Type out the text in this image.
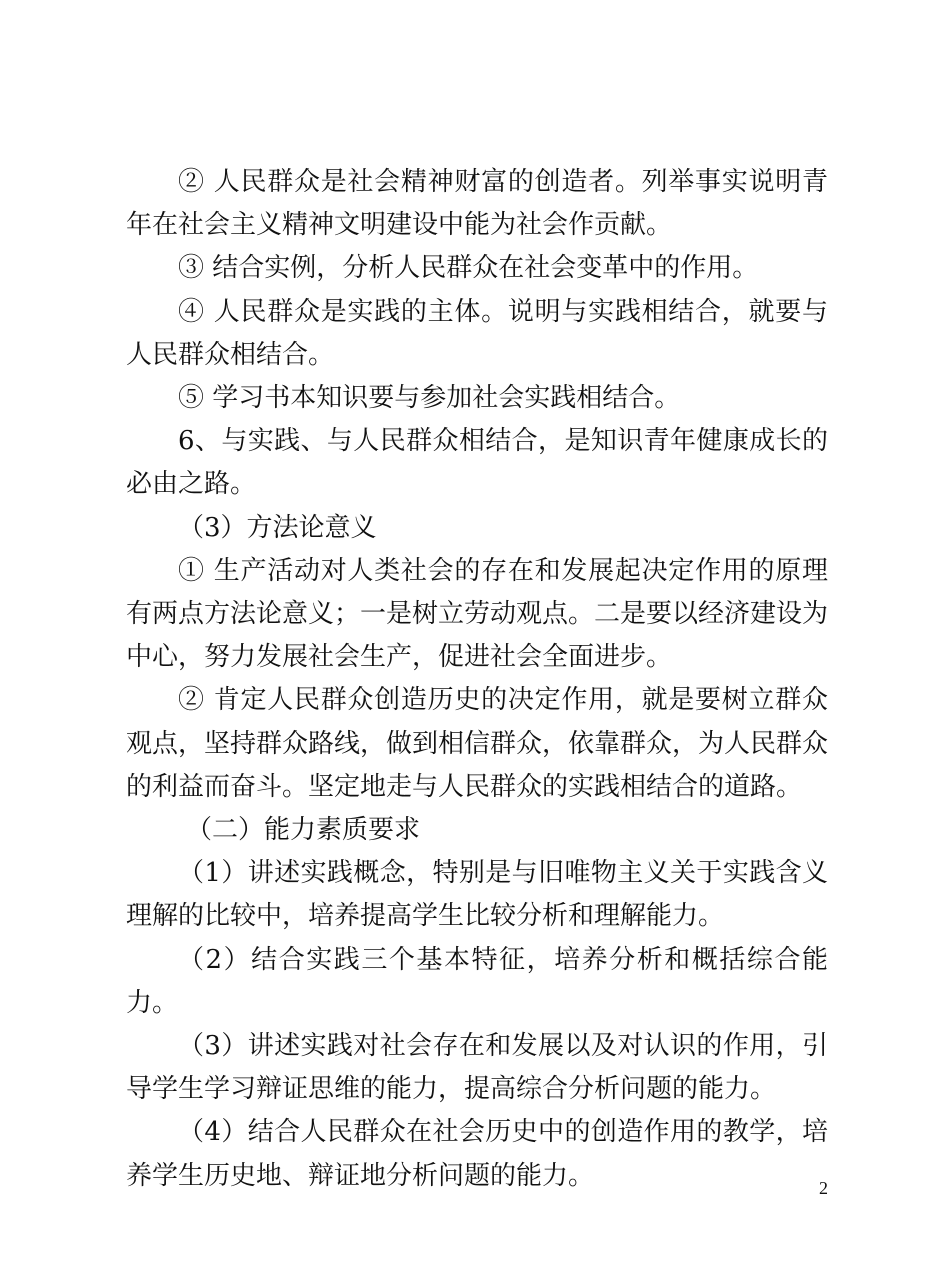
② 人民群众是社会精神财富的创造者。列举事实说明青年在社会主义精神文明建设中能为社会作贡献。

③ 结合实例，分析人民群众在社会变革中的作用。

④ 人民群众是实践的主体。说明与实践相结合，就要与人民群众相结合。

⑤ 学习书本知识要与参加社会实践相结合。

6、与实践、与人民群众相结合，是知识青年健康成长的必由之路。

（3）方法论意义

① 生产活动对人类社会的存在和发展起决定作用的原理有两点方法论意义；一是树立劳动观点。二是要以经济建设为中心，努力发展社会生产，促进社会全面进步。

② 肯定人民群众创造历史的决定作用，就是要树立群众观点，坚持群众路线，做到相信群众，依靠群众，为人民群众的利益而奋斗。坚定地走与人民群众的实践相结合的道路。

（二）能力素质要求

（1）讲述实践概念，特别是与旧唯物主义关于实践含义理解的比较中，培养提高学生比较分析和理解能力。

（2）结合实践三个基本特征，培养分析和概括综合能力。

（3）讲述实践对社会存在和发展以及对认识的作用，引导学生学习辩证思维的能力，提高综合分析问题的能力。

（4）结合人民群众在社会历史中的创造作用的教学，培养学生历史地、辩证地分析问题的能力。	2
